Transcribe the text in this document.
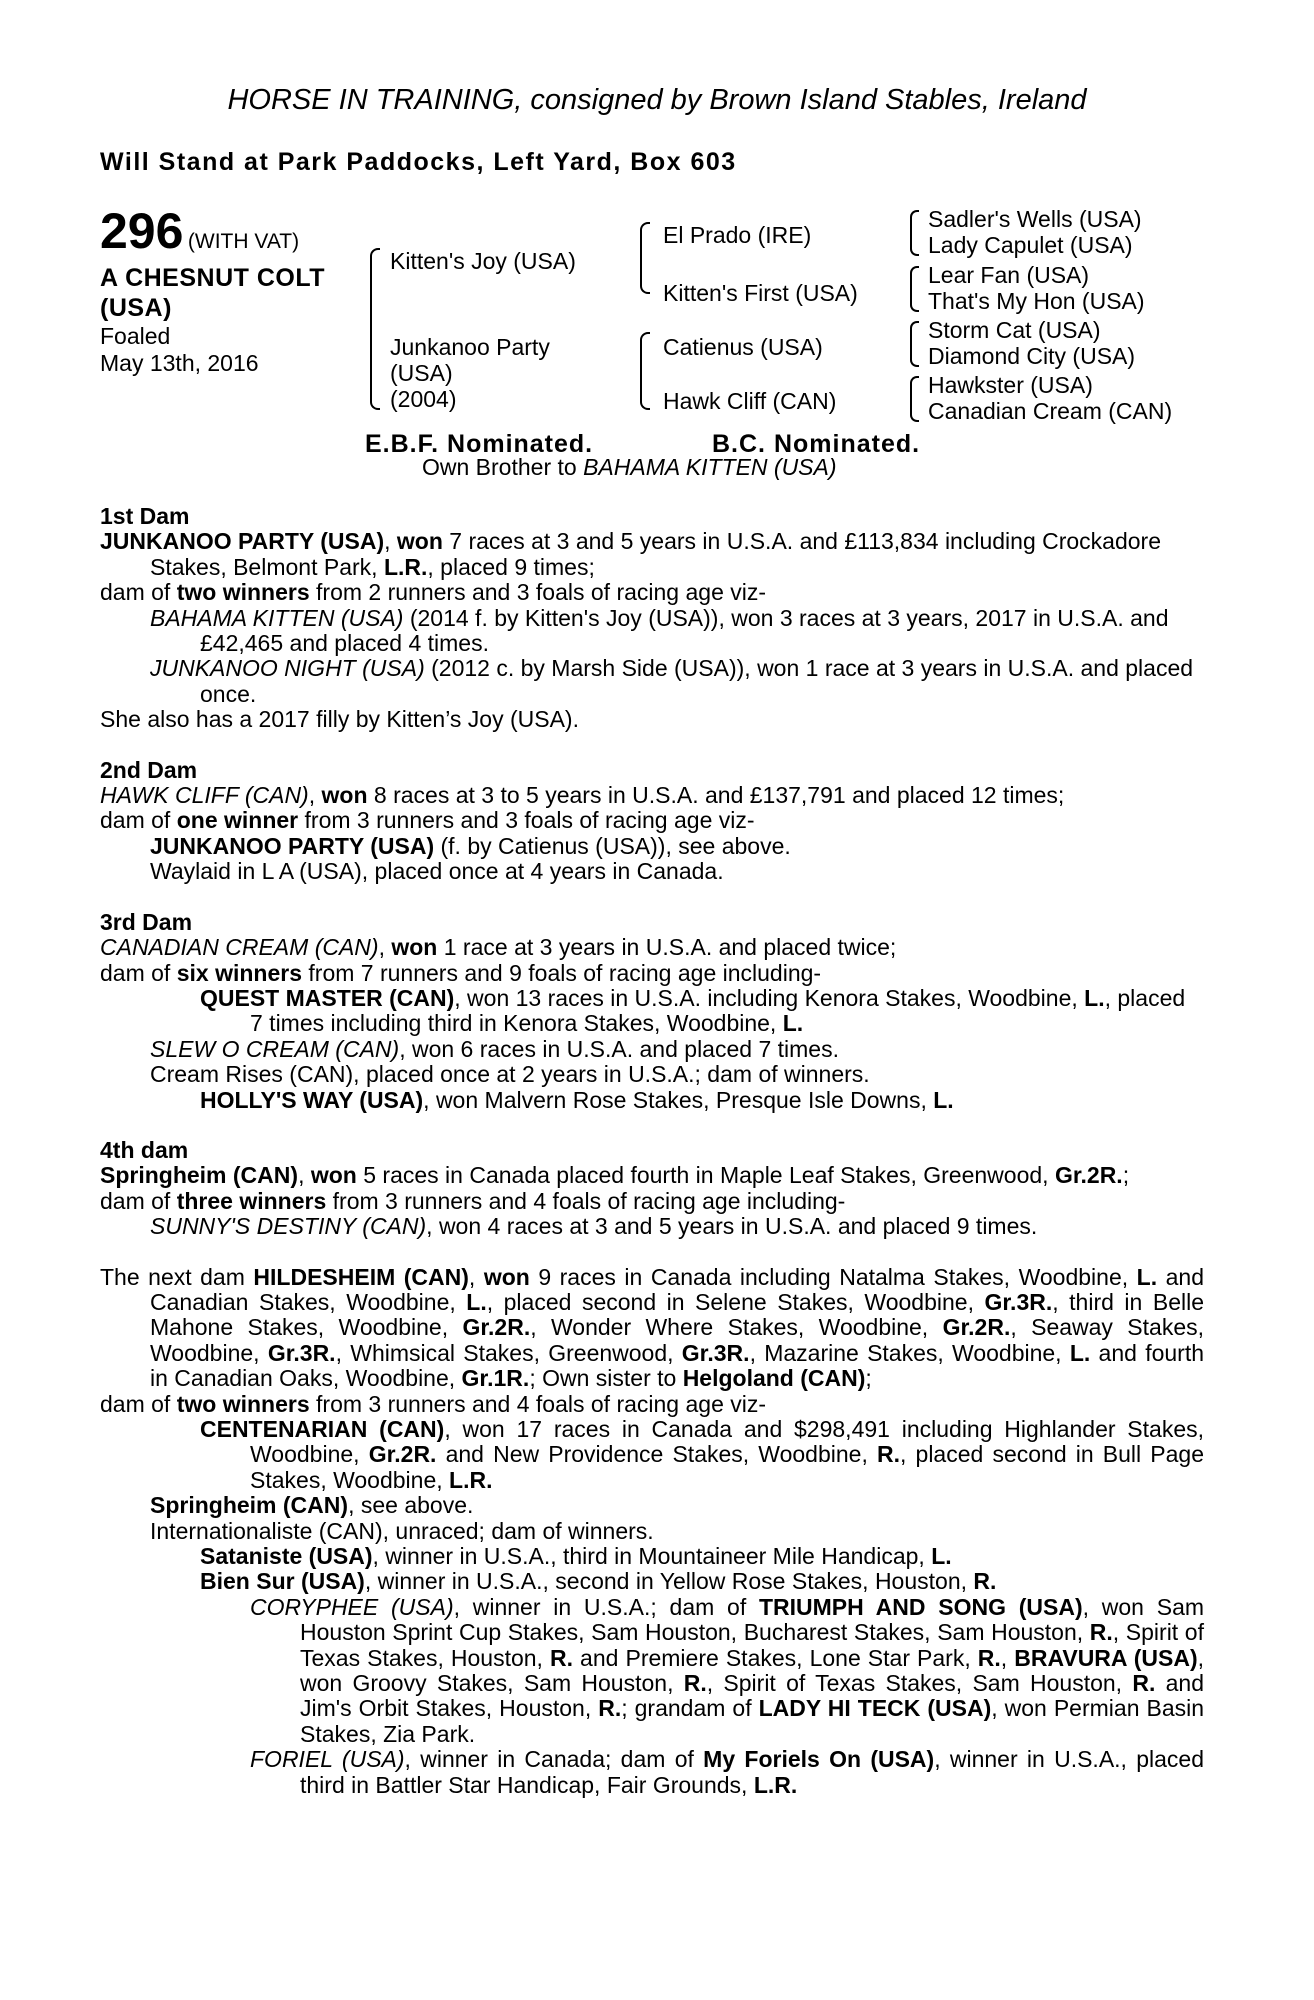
HORSE IN TRAINING, consigned by Brown Island Stables, Ireland
Will Stand at Park Paddocks, Left Yard, Box 603
296 (WITH VAT)
A CHESNUT COLT
(USA)
Foaled
May 13th, 2016
Kitten's Joy (USA)
Junkanoo Party
(USA)
(2004)
El Prado (IRE)
Kitten's First (USA)
Catienus (USA)
Hawk Cliff (CAN)
Sadler's Wells (USA)
Lady Capulet (USA)
Lear Fan (USA)
That's My Hon (USA)
Storm Cat (USA)
Diamond City (USA)
Hawkster (USA)
Canadian Cream (CAN)
E.B.F. Nominated.	B.C. Nominated.
Own Brother to BAHAMA KITTEN (USA)
1st Dam

JUNKANOO PARTY (USA), won 7 races at 3 and 5 years in U.S.A. and £113,834 including Crockadore Stakes, Belmont Park, L.R., placed 9 times;

dam of two winners from 2 runners and 3 foals of racing age viz-

BAHAMA KITTEN (USA) (2014 f. by Kitten's Joy (USA)), won 3 races at 3 years, 2017 in U.S.A. and £42,465 and placed 4 times.

JUNKANOO NIGHT (USA) (2012 c. by Marsh Side (USA)), won 1 race at 3 years in U.S.A. and placed once.

She also has a 2017 filly by Kitten’s Joy (USA).

2nd Dam

HAWK CLIFF (CAN), won 8 races at 3 to 5 years in U.S.A. and £137,791 and placed 12 times;

dam of one winner from 3 runners and 3 foals of racing age viz-

JUNKANOO PARTY (USA) (f. by Catienus (USA)), see above.

Waylaid in L A (USA), placed once at 4 years in Canada.

3rd Dam

CANADIAN CREAM (CAN), won 1 race at 3 years in U.S.A. and placed twice;

dam of six winners from 7 runners and 9 foals of racing age including-

QUEST MASTER (CAN), won 13 races in U.S.A. including Kenora Stakes, Woodbine, L., placed 7 times including third in Kenora Stakes, Woodbine, L.

SLEW O CREAM (CAN), won 6 races in U.S.A. and placed 7 times.

Cream Rises (CAN), placed once at 2 years in U.S.A.; dam of winners.

HOLLY'S WAY (USA), won Malvern Rose Stakes, Presque Isle Downs, L.

4th dam

Springheim (CAN), won 5 races in Canada placed fourth in Maple Leaf Stakes, Greenwood, Gr.2R.;

dam of three winners from 3 runners and 4 foals of racing age including-

SUNNY'S DESTINY (CAN), won 4 races at 3 and 5 years in U.S.A. and placed 9 times.

The next dam HILDESHEIM (CAN), won 9 races in Canada including Natalma Stakes, Woodbine, L. and Canadian Stakes, Woodbine, L., placed second in Selene Stakes, Woodbine, Gr.3R., third in Belle Mahone Stakes, Woodbine, Gr.2R., Wonder Where Stakes, Woodbine, Gr.2R., Seaway Stakes, Woodbine, Gr.3R., Whimsical Stakes, Greenwood, Gr.3R., Mazarine Stakes, Woodbine, L. and fourth in Canadian Oaks, Woodbine, Gr.1R.; Own sister to Helgoland (CAN);

dam of two winners from 3 runners and 4 foals of racing age viz-

CENTENARIAN (CAN), won 17 races in Canada and $298,491 including Highlander Stakes, Woodbine, Gr.2R. and New Providence Stakes, Woodbine, R., placed second in Bull Page Stakes, Woodbine, L.R.

Springheim (CAN), see above.

Internationaliste (CAN), unraced; dam of winners.

Sataniste (USA), winner in U.S.A., third in Mountaineer Mile Handicap, L.

Bien Sur (USA), winner in U.S.A., second in Yellow Rose Stakes, Houston, R.

CORYPHEE (USA), winner in U.S.A.; dam of TRIUMPH AND SONG (USA), won Sam Houston Sprint Cup Stakes, Sam Houston, Bucharest Stakes, Sam Houston, R., Spirit of Texas Stakes, Houston, R. and Premiere Stakes, Lone Star Park, R., BRAVURA (USA), won Groovy Stakes, Sam Houston, R., Spirit of Texas Stakes, Sam Houston, R. and Jim's Orbit Stakes, Houston, R.; grandam of LADY HI TECK (USA), won Permian Basin Stakes, Zia Park.

FORIEL (USA), winner in Canada; dam of My Foriels On (USA), winner in U.S.A., placed third in Battler Star Handicap, Fair Grounds, L.R.
